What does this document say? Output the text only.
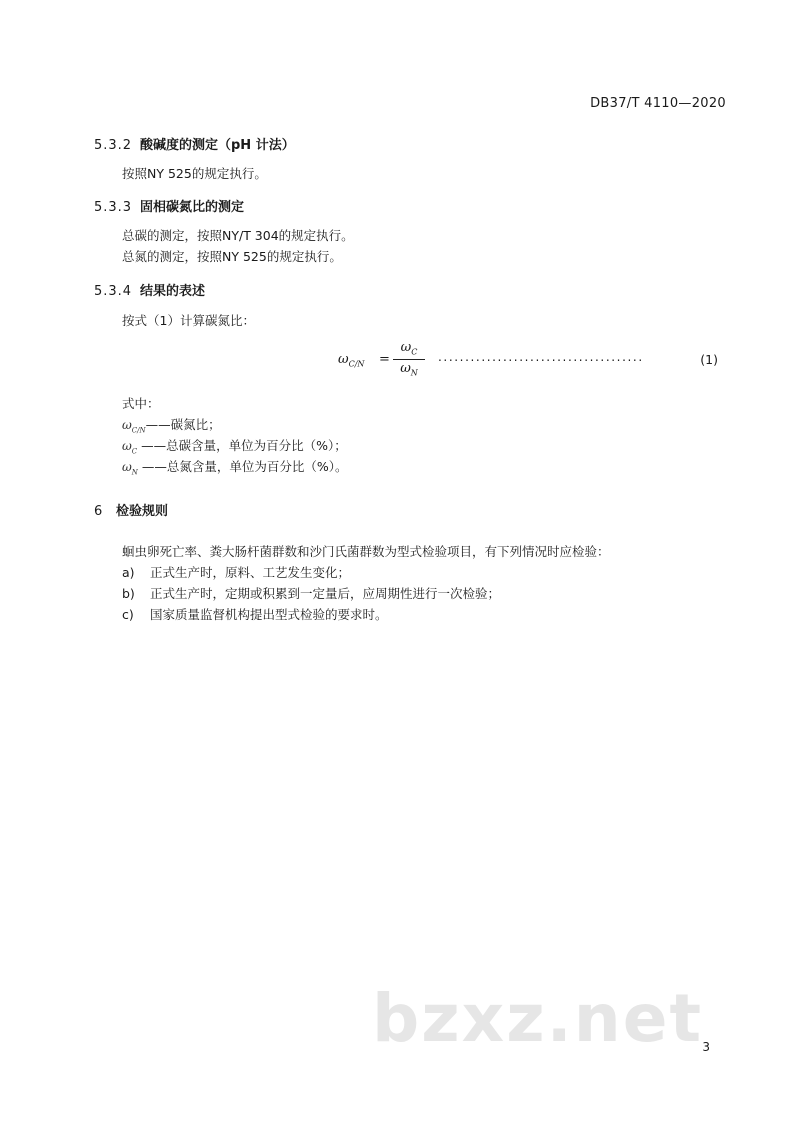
DB37/T 4110—2020
5.3.2 酸碱度的测定（pH 计法）
按照NY 525的规定执行。
5.3.3 固相碳氮比的测定
总碳的测定，按照NY/T 304的规定执行。
总氮的测定，按照NY 525的规定执行。
5.3.4 结果的表述
按式（1）计算碳氮比：
$\omega_{C/N}$ =
$\omega_C$
$\omega_N$
......................................	(1)
式中：
$\omega_{C/N}——$碳氮比；
$\omega_C$ ——总碳含量，单位为百分比（%）；
$\omega_N$ ——总氮含量，单位为百分比（%）。
6 检验规则
蛔虫卵死亡率、粪大肠杆菌群数和沙门氏菌群数为型式检验项目，有下列情况时应检验：
a) 正式生产时，原料、工艺发生变化；
b) 正式生产时，定期或积累到一定量后，应周期性进行一次检验；
c) 国家质量监督机构提出型式检验的要求时。
bzxz.net 3
